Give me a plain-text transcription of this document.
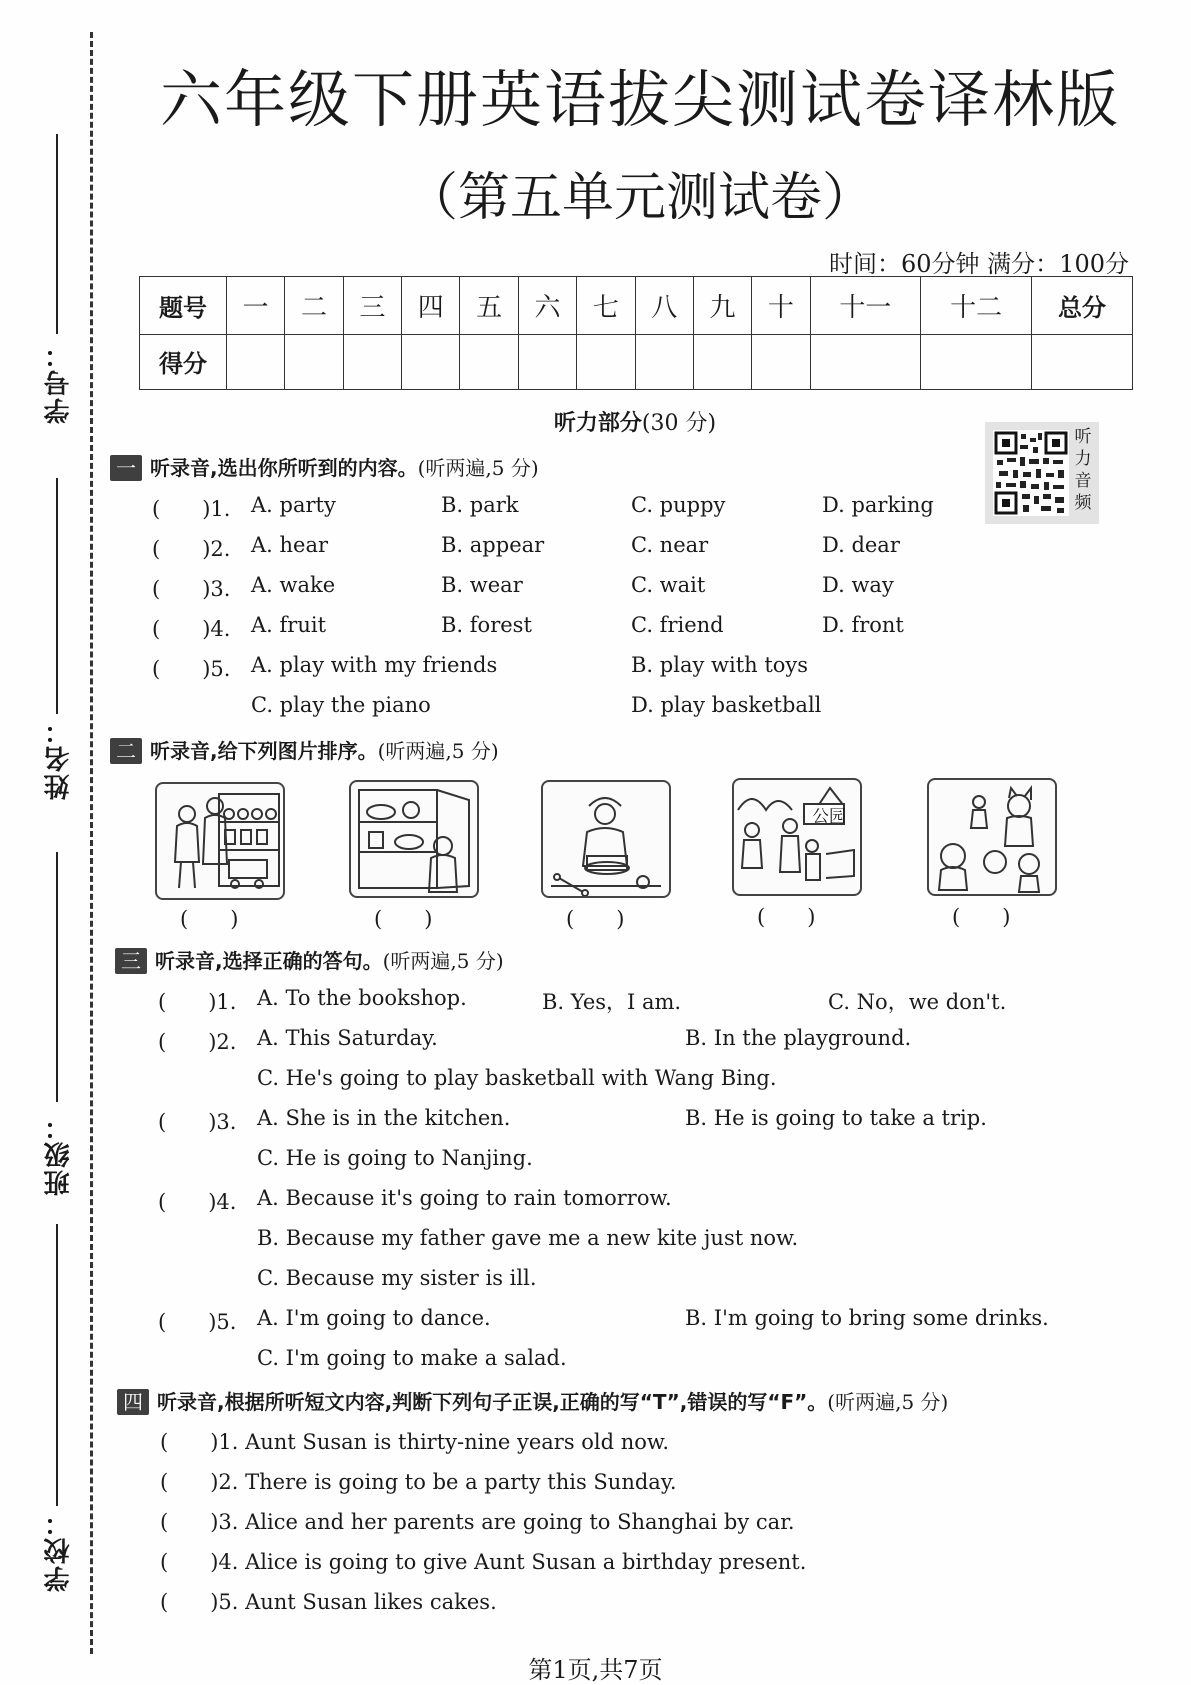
学号：
姓名：
班级：
学校：
六年级下册英语拔尖测试卷译林版
（第五单元测试卷）
时间：60分钟 满分：100分
题号	一	二	三	四	五	六	七	八	九	十	十一	十二	总分
得分													
听力部分(30 分)
听力音频
一 听录音,选出你所听到的内容。(听两遍,5 分)
(　　)1. A. party	B. park	C. puppy	D. parking
(　　)2. A. hear	B. appear	C. near	D. dear
(　　)3. A. wake	B. wear	C. wait	D. way
(　　)4. A. fruit	B. forest	C. friend	D. front
(　　)5. A. play with my friends	B. play with toys
C. play the piano	D. play basketball
二 听录音,给下列图片排序。(听两遍,5 分)
公园
(　　)	(　　)	(　　)	(　　)	(　　)
三 听录音,选择正确的答句。(听两遍,5 分)
(　　)1. A. To the bookshop.	B. Yes，I am.	C. No，we don't.
(　　)2. A. This Saturday.	B. In the playground.
C. He's going to play basketball with Wang Bing.
(　　)3. A. She is in the kitchen.	B. He is going to take a trip.
C. He is going to Nanjing.
(　　)4. A. Because it's going to rain tomorrow.
B. Because my father gave me a new kite just now.
C. Because my sister is ill.
(　　)5. A. I'm going to dance.	B. I'm going to bring some drinks.
C. I'm going to make a salad.
四 听录音,根据所听短文内容,判断下列句子正误,正确的写“T”,错误的写“F”。(听两遍,5 分)
(　　)1. Aunt Susan is thirty-nine years old now.
(　　)2. There is going to be a party this Sunday.
(　　)3. Alice and her parents are going to Shanghai by car.
(　　)4. Alice is going to give Aunt Susan a birthday present.
(　　)5. Aunt Susan likes cakes.
第1页,共7页
